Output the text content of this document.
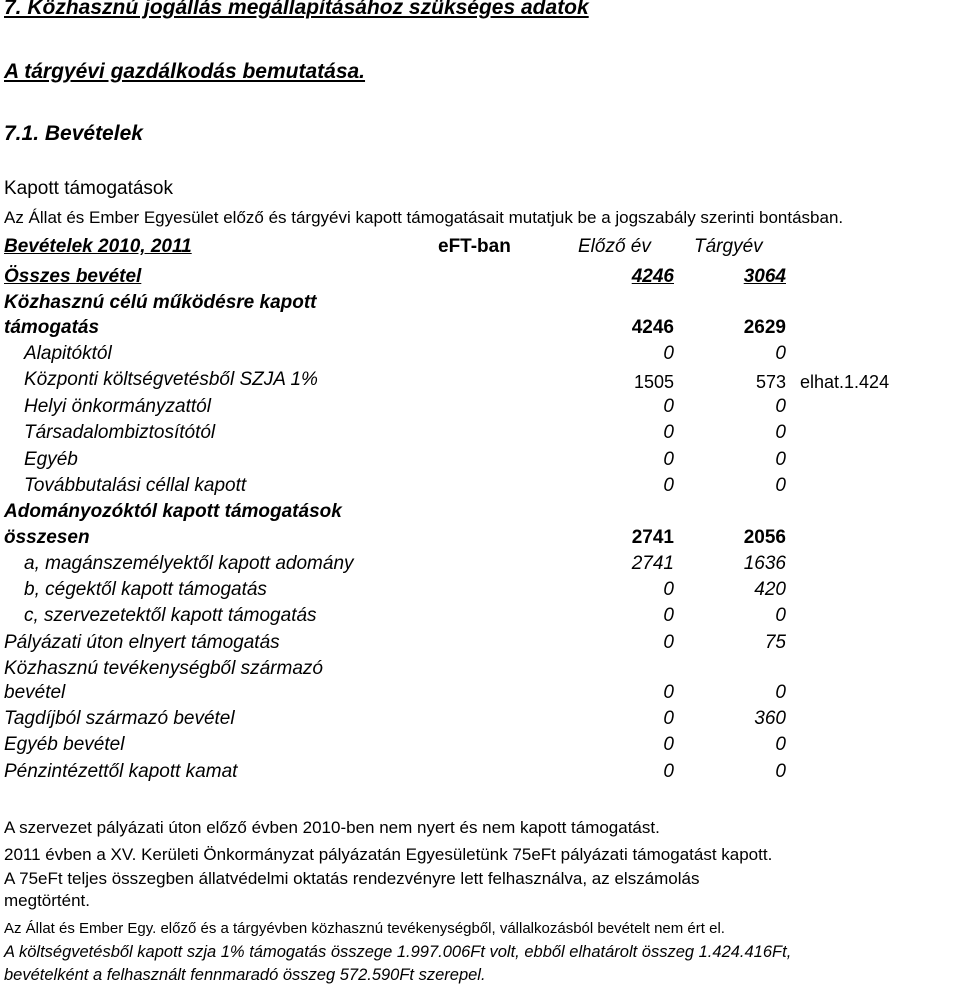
7. Közhasznú jogállás megállapításához szükséges adatok
A tárgyévi gazdálkodás bemutatása.
7.1. Bevételek
Kapott támogatások
Az Állat és Ember Egyesület előző és tárgyévi kapott támogatásait mutatjuk be a jogszabály szerinti bontásban.
Bevételek 2010, 2011	eFT-ban	Előző év Tárgyév
Összes bevétel	4246	3064
Közhasznú célú működésre kapott
támogatás	4246	2629
Alapitóktól	0	0
Központi költségvetésből SZJA 1%	1505	573 elhat.1.424
Helyi önkormányzattól	0	0
Társadalombiztosítótól	0	0
Egyéb	0	0
Továbbutalási céllal kapott	0	0
Adományozóktól kapott támogatások
összesen	2741	2056
a, magánszemélyektől kapott adomány	2741	1636
b, cégektől kapott támogatás	0	420
c, szervezetektől kapott támogatás	0	0
Pályázati úton elnyert támogatás	0	75
Közhasznú tevékenységből származó
bevétel	0	0
Tagdíjból származó bevétel	0	360
Egyéb bevétel	0	0
Pénzintézettől kapott kamat	0	0
A szervezet pályázati úton előző évben 2010-ben nem nyert és nem kapott támogatást.
2011 évben a XV. Kerületi Önkormányzat pályázatán Egyesületünk 75eFt pályázati támogatást kapott.
A 75eFt teljes összegben állatvédelmi oktatás rendezvényre lett felhasználva, az elszámolás
megtörtént.
Az Állat és Ember Egy. előző és a tárgyévben közhasznú tevékenységből, vállalkozásból bevételt nem ért el.
A költségvetésből kapott szja 1% támogatás összege 1.997.006Ft volt, ebből elhatárolt összeg 1.424.416Ft,
bevételként a felhasznált fennmaradó összeg 572.590Ft szerepel.
